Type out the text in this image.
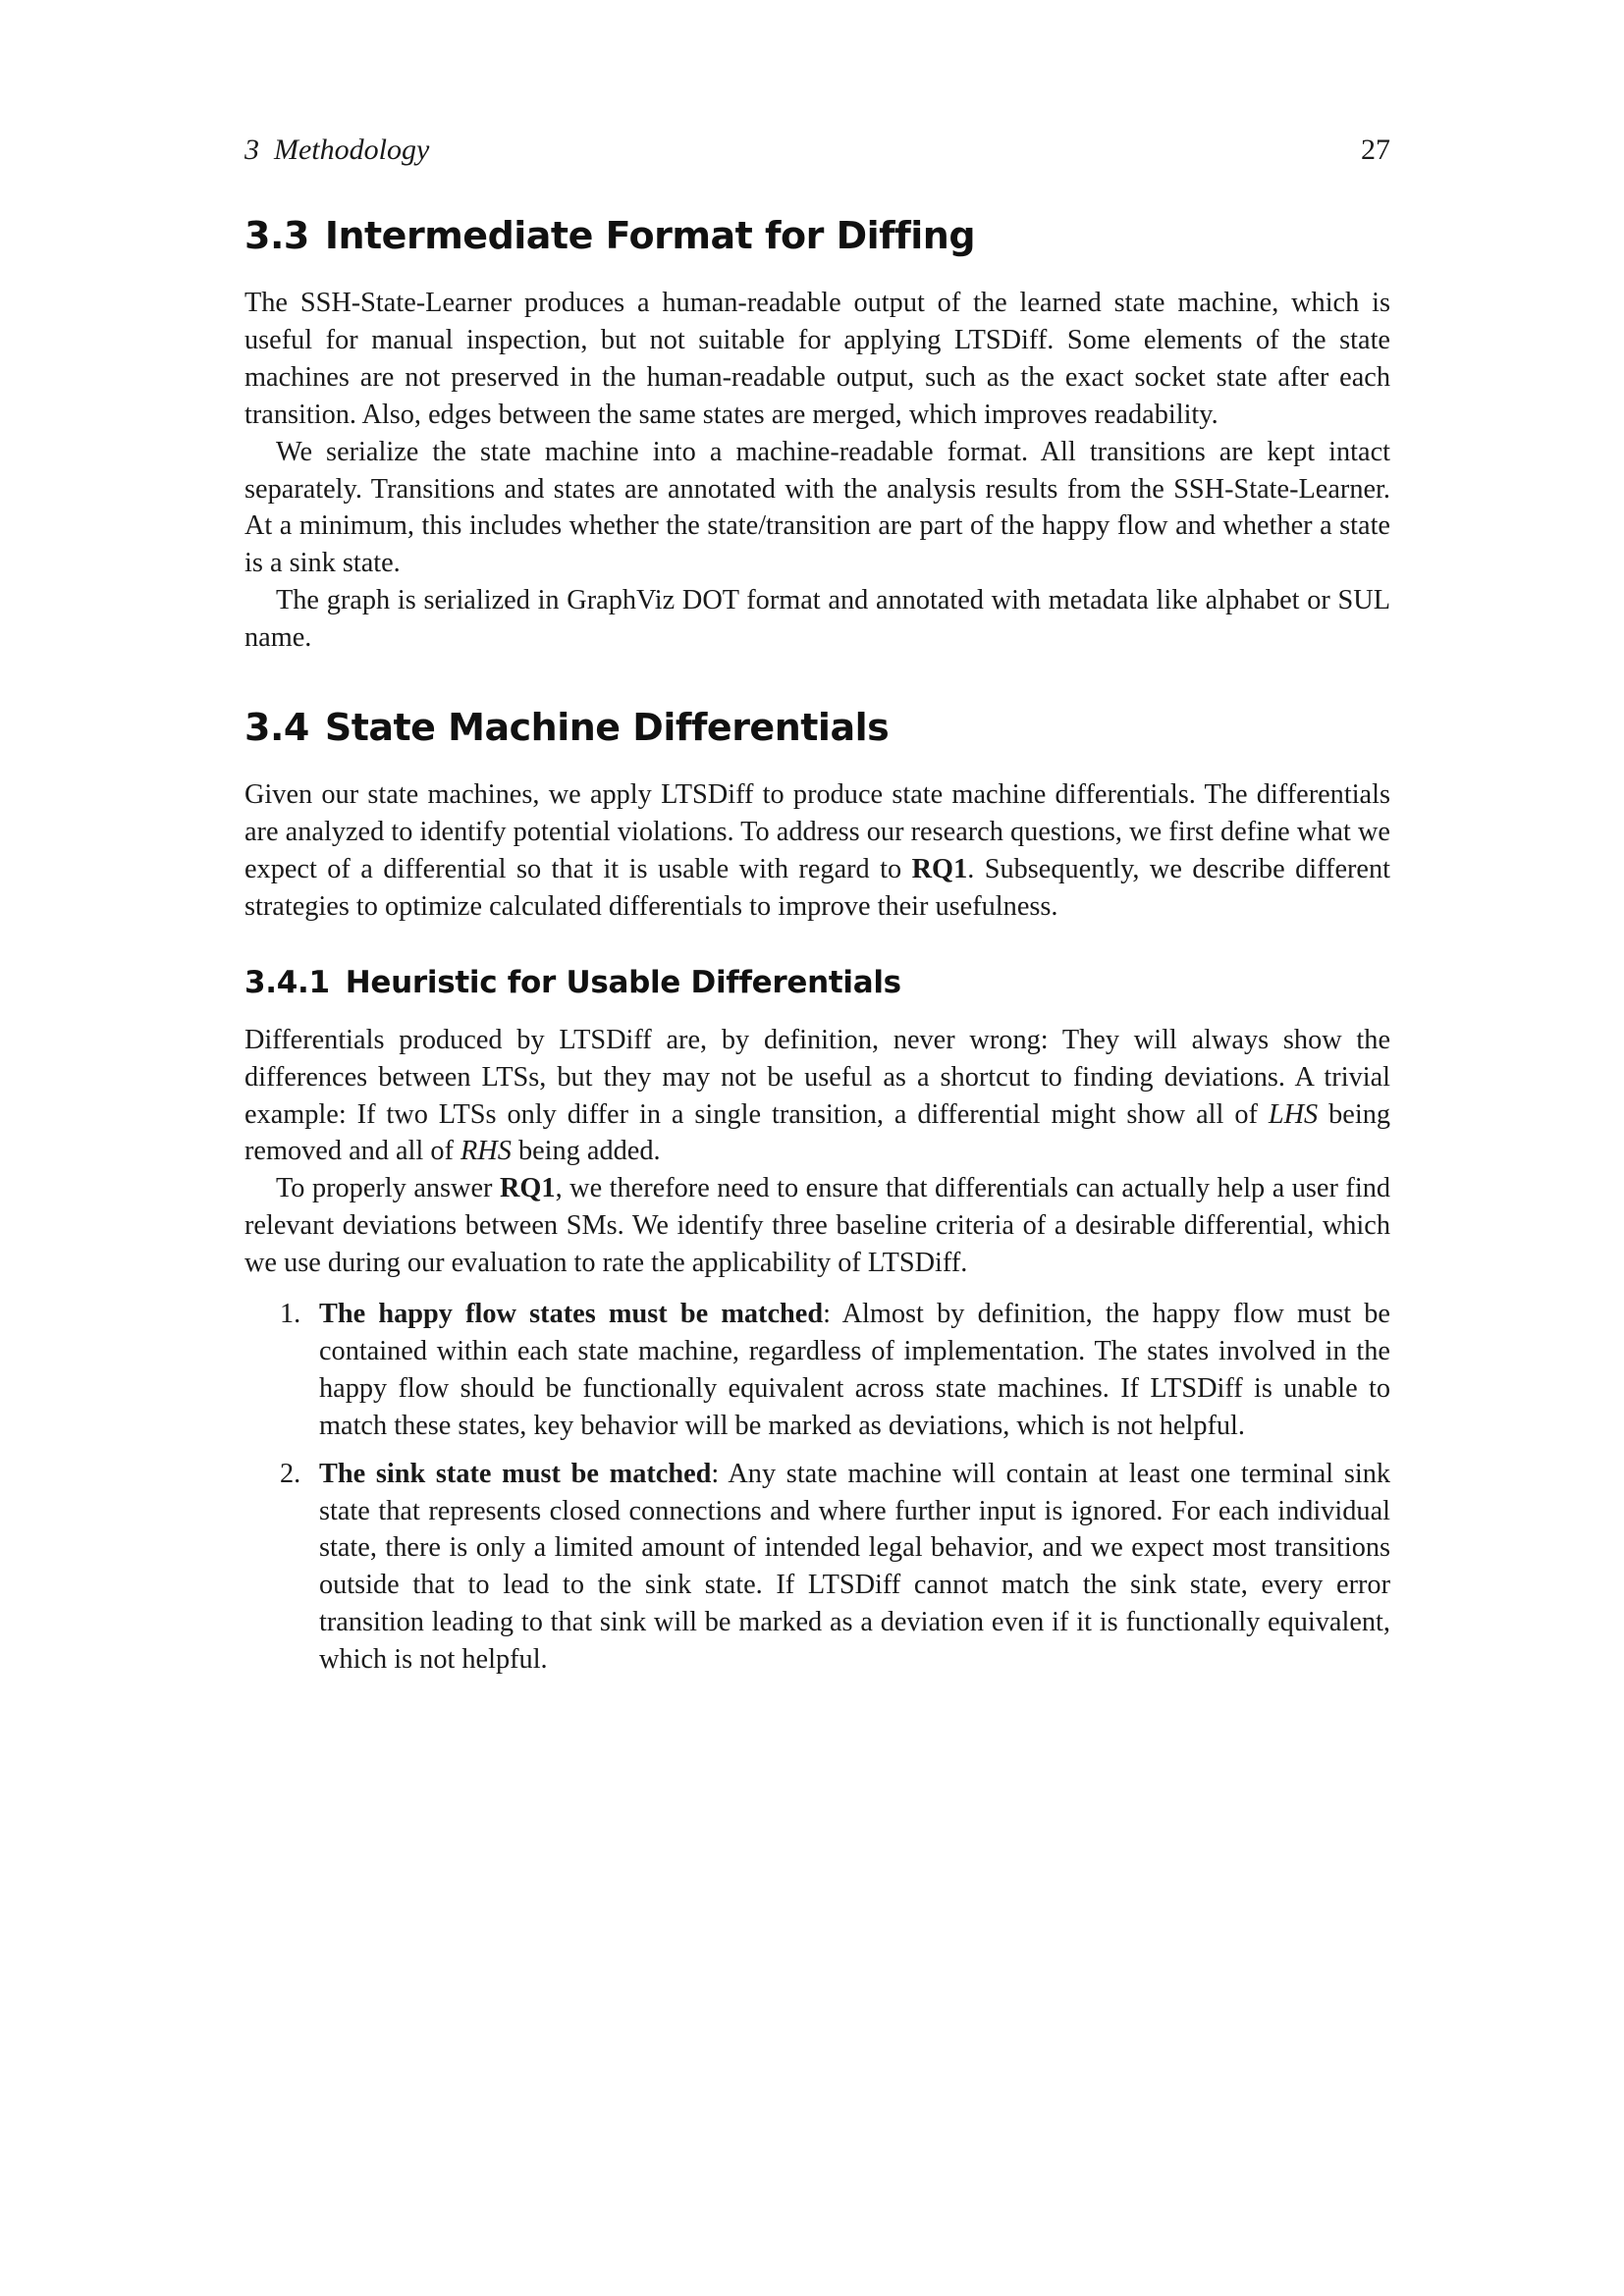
3  Methodology	27
3.3 Intermediate Format for Diffing

The SSH-State-Learner produces a human-readable output of the learned state machine, which is useful for manual inspection, but not suitable for applying LTSDiff. Some elements of the state machines are not preserved in the human-readable output, such as the exact socket state after each transition. Also, edges between the same states are merged, which improves readability.

We serialize the state machine into a machine-readable format. All transitions are kept intact separately. Transitions and states are annotated with the analysis results from the SSH-State-Learner. At a minimum, this includes whether the state/transition are part of the happy flow and whether a state is a sink state.

The graph is serialized in GraphViz DOT format and annotated with metadata like alphabet or SUL name.

3.4 State Machine Differentials

Given our state machines, we apply LTSDiff to produce state machine differentials. The differentials are analyzed to identify potential violations. To address our research questions, we first define what we expect of a differential so that it is usable with regard to RQ1. Subsequently, we describe different strategies to optimize calculated differentials to improve their usefulness.

3.4.1 Heuristic for Usable Differentials

Differentials produced by LTSDiff are, by definition, never wrong: They will always show the differences between LTSs, but they may not be useful as a shortcut to finding deviations. A trivial example: If two LTSs only differ in a single transition, a differential might show all of LHS being removed and all of RHS being added.

To properly answer RQ1, we therefore need to ensure that differentials can actually help a user find relevant deviations between SMs. We identify three baseline criteria of a desirable differential, which we use during our evaluation to rate the applicability of LTSDiff.

1. The happy flow states must be matched: Almost by definition, the happy flow must be contained within each state machine, regardless of implementation. The states involved in the happy flow should be functionally equivalent across state machines. If LTSDiff is unable to match these states, key behavior will be marked as deviations, which is not helpful.
2. The sink state must be matched: Any state machine will contain at least one terminal sink state that represents closed connections and where further input is ignored. For each individual state, there is only a limited amount of intended legal behavior, and we expect most transitions outside that to lead to the sink state. If LTSDiff cannot match the sink state, every error transition leading to that sink will be marked as a deviation even if it is functionally equivalent, which is not helpful.
